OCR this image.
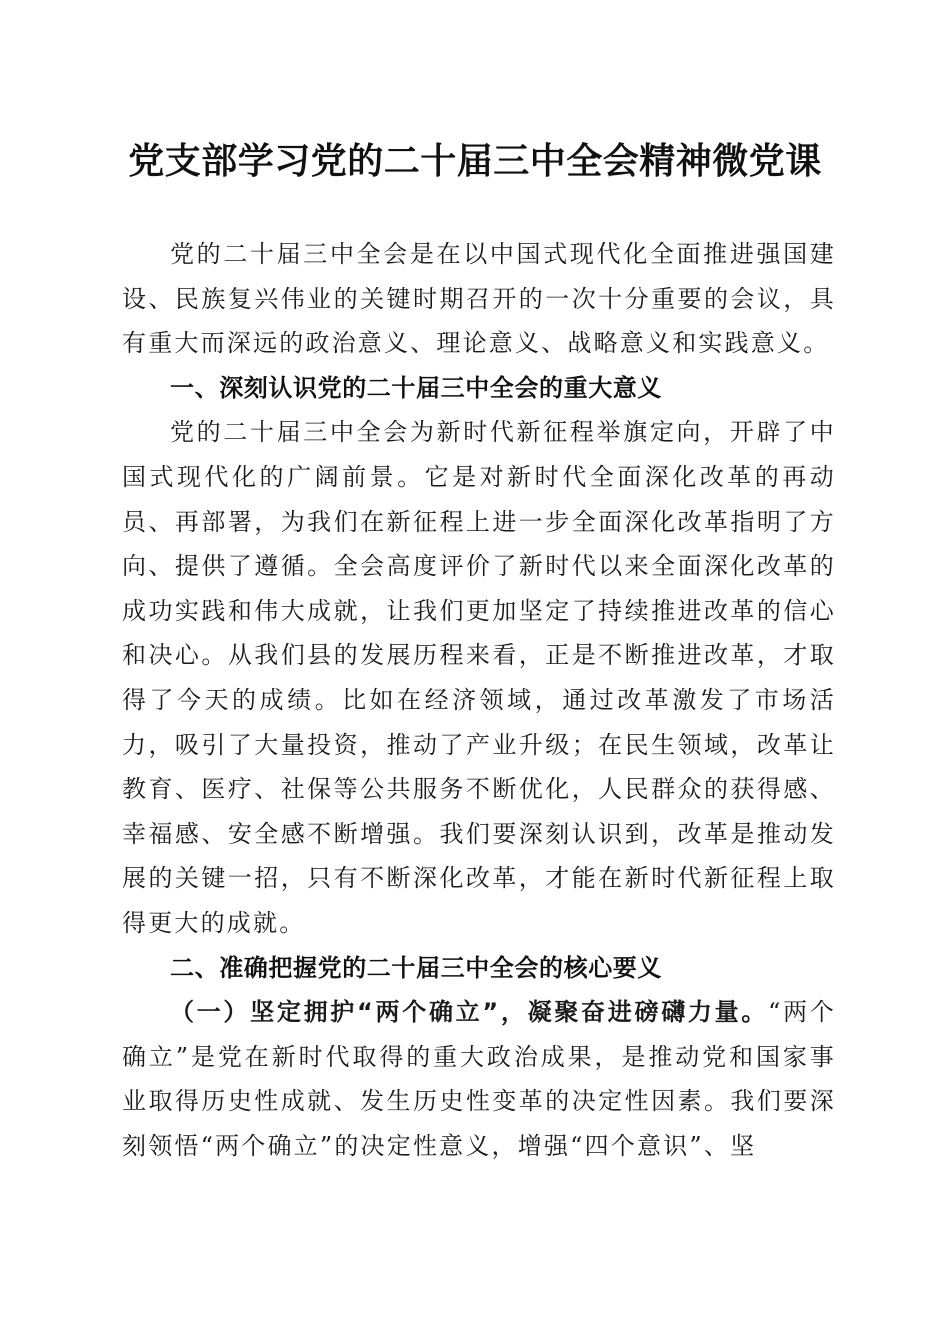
党支部学习党的二十届三中全会精神微党课

党的二十届三中全会是在以中国式现代化全面推进强国建设、民族复兴伟业的关键时期召开的一次十分重要的会议，具有重大而深远的政治意义、理论意义、战略意义和实践意义。

一、深刻认识党的二十届三中全会的重大意义

党的二十届三中全会为新时代新征程举旗定向，开辟了中国式现代化的广阔前景。它是对新时代全面深化改革的再动员、再部署，为我们在新征程上进一步全面深化改革指明了方向、提供了遵循。全会高度评价了新时代以来全面深化改革的成功实践和伟大成就，让我们更加坚定了持续推进改革的信心和决心。从我们县的发展历程来看，正是不断推进改革，才取得了今天的成绩。比如在经济领域，通过改革激发了市场活力，吸引了大量投资，推动了产业升级；在民生领域，改革让教育、医疗、社保等公共服务不断优化，人民群众的获得感、幸福感、安全感不断增强。我们要深刻认识到，改革是推动发展的关键一招，只有不断深化改革，才能在新时代新征程上取得更大的成就。

二、准确把握党的二十届三中全会的核心要义

（一）坚定拥护“两个确立”，凝聚奋进磅礴力量。“两个确立”是党在新时代取得的重大政治成果，是推动党和国家事业取得历史性成就、发生历史性变革的决定性因素。我们要深刻领悟“两个确立”的决定性意义，增强“四个意识”、坚
